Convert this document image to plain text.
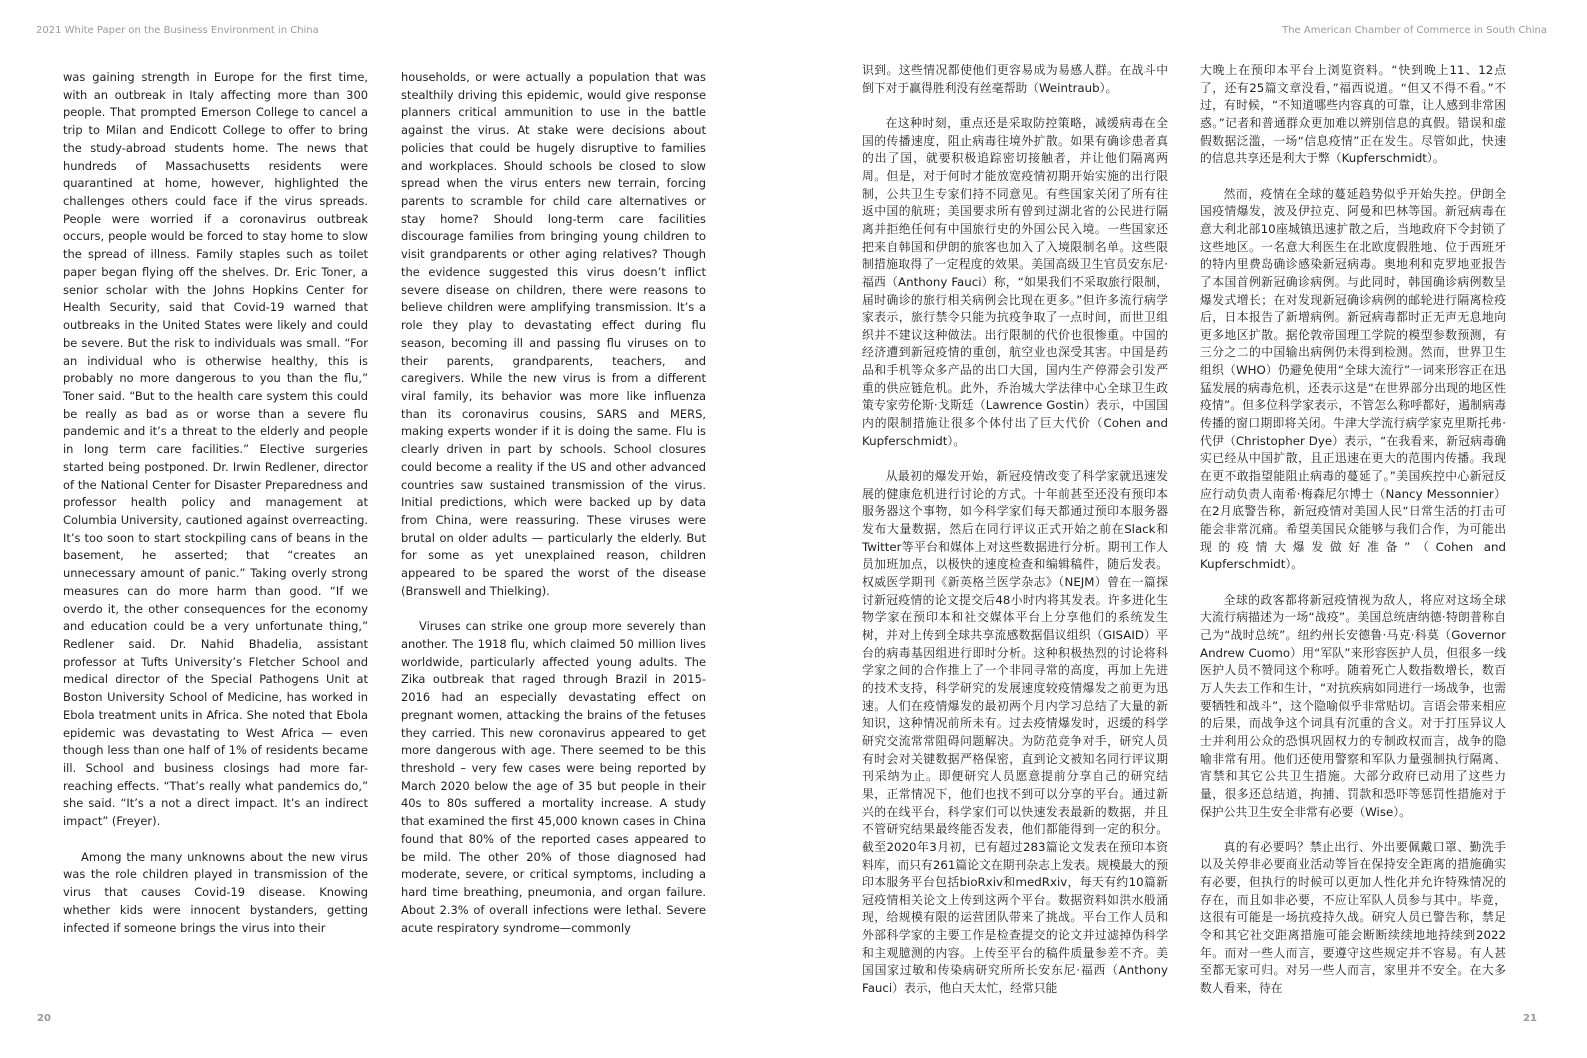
2021 White Paper on the Business Environment in China	The American Chamber of Commerce in South China

was gaining strength in Europe for the first time, with an outbreak in Italy affecting more than 300 people. That prompted Emerson College to cancel a trip to Milan and Endicott College to offer to bring the study-abroad students home. The news that hundreds of Massachusetts residents were quarantined at home, however, highlighted the challenges others could face if the virus spreads. People were worried if a coronavirus outbreak occurs, people would be forced to stay home to slow the spread of illness. Family staples such as toilet paper began flying off the shelves. Dr. Eric Toner, a senior scholar with the Johns Hopkins Center for Health Security, said that Covid-19 warned that outbreaks in the United States were likely and could be severe. But the risk to individuals was small. “For an individual who is otherwise healthy, this is probably no more dangerous to you than the flu,” Toner said. “But to the health care system this could be really as bad as or worse than a severe flu pandemic and it’s a threat to the elderly and people in long term care facilities.” Elective surgeries started being postponed. Dr. Irwin Redlener, director of the National Center for Disaster Preparedness and professor health policy and management at Columbia University, cautioned against overreacting. It’s too soon to start stockpiling cans of beans in the basement, he asserted; that “creates an unnecessary amount of panic.” Taking overly strong measures can do more harm than good. “If we overdo it, the other consequences for the economy and education could be a very unfortunate thing,” Redlener said. Dr. Nahid Bhadelia, assistant professor at Tufts University’s Fletcher School and medical director of the Special Pathogens Unit at Boston University School of Medicine, has worked in Ebola treatment units in Africa. She noted that Ebola epidemic was devastating to West Africa — even though less than one half of 1% of residents became ill. School and business closings had more far-reaching effects. “That’s really what pandemics do,” she said. “It’s a not a direct impact. It’s an indirect impact” (Freyer).

Among the many unknowns about the new virus was the role children played in transmission of the virus that causes Covid-19 disease. Knowing whether kids were innocent bystanders, getting infected if someone brings the virus into their

households, or were actually a population that was stealthily driving this epidemic, would give response planners critical ammunition to use in the battle against the virus. At stake were decisions about policies that could be hugely disruptive to families and workplaces. Should schools be closed to slow spread when the virus enters new terrain, forcing parents to scramble for child care alternatives or stay home? Should long-term care facilities discourage families from bringing young children to visit grandparents or other aging relatives? Though the evidence suggested this virus doesn’t inflict severe disease on children, there were reasons to believe children were amplifying transmission. It’s a role they play to devastating effect during flu season, becoming ill and passing flu viruses on to their parents, grandparents, teachers, and caregivers. While the new virus is from a different viral family, its behavior was more like influenza than its coronavirus cousins, SARS and MERS, making experts wonder if it is doing the same. Flu is clearly driven in part by schools. School closures could become a reality if the US and other advanced countries saw sustained transmission of the virus. Initial predictions, which were backed up by data from China, were reassuring. These viruses were brutal on older adults — particularly the elderly. But for some as yet unexplained reason, children appeared to be spared the worst of the disease (Branswell and Thielking).

Viruses can strike one group more severely than another. The 1918 flu, which claimed 50 million lives worldwide, particularly affected young adults. The Zika outbreak that raged through Brazil in 2015-2016 had an especially devastating effect on pregnant women, attacking the brains of the fetuses they carried. This new coronavirus appeared to get more dangerous with age. There seemed to be this threshold – very few cases were being reported by March 2020 below the age of 35 but people in their 40s to 80s suffered a mortality increase. A study that examined the first 45,000 known cases in China found that 80% of the reported cases appeared to be mild. The other 20% of those diagnosed had moderate, severe, or critical symptoms, including a hard time breathing, pneumonia, and organ failure. About 2.3% of overall infections were lethal. Severe acute respiratory syndrome—commonly

识到。这些情况都使他们更容易成为易感人群。在战斗中倒下对于赢得胜利没有丝毫帮助（Weintraub）。

在这种时刻，重点还是采取防控策略，减缓病毒在全国的传播速度，阻止病毒往境外扩散。如果有确诊患者真的出了国，就要积极追踪密切接触者，并让他们隔离两周。但是，对于何时才能放宽疫情初期开始实施的出行限制，公共卫生专家们持不同意见。有些国家关闭了所有往返中国的航班；美国要求所有曾到过湖北省的公民进行隔离并拒绝任何有中国旅行史的外国公民入境。一些国家还把来自韩国和伊朗的旅客也加入了入境限制名单。这些限制措施取得了一定程度的效果。美国高级卫生官员安东尼·福西（Anthony Fauci）称，“如果我们不采取旅行限制，届时确诊的旅行相关病例会比现在更多。”但许多流行病学家表示，旅行禁令只能为抗疫争取了一点时间，而世卫组织并不建议这种做法。出行限制的代价也很惨重。中国的经济遭到新冠疫情的重创，航空业也深受其害。中国是药品和手机等众多产品的出口大国，国内生产停滞会引发严重的供应链危机。此外，乔治城大学法律中心全球卫生政策专家劳伦斯·戈斯廷（Lawrence Gostin）表示，中国国内的限制措施让很多个体付出了巨大代价（Cohen and Kupferschmidt）。

从最初的爆发开始，新冠疫情改变了科学家就迅速发展的健康危机进行讨论的方式。十年前甚至还没有预印本服务器这个事物，如今科学家们每天都通过预印本服务器发布大量数据，然后在同行评议正式开始之前在Slack和Twitter等平台和媒体上对这些数据进行分析。期刊工作人员加班加点，以极快的速度检查和编辑稿件，随后发表。权威医学期刊《新英格兰医学杂志》（NEJM）曾在一篇探讨新冠疫情的论文提交后48小时内将其发表。许多进化生物学家在预印本和社交媒体平台上分享他们的系统发生树，并对上传到全球共享流感数据倡议组织（GISAID）平台的病毒基因组进行即时分析。这种积极热烈的讨论将科学家之间的合作推上了一个非同寻常的高度，再加上先进的技术支持，科学研究的发展速度较疫情爆发之前更为迅速。人们在疫情爆发的最初两个月内学习总结了大量的新知识，这种情况前所未有。过去疫情爆发时，迟缓的科学研究交流常常阻碍问题解决。为防范竞争对手，研究人员有时会对关键数据严格保密，直到论文被知名同行评议期刊采纳为止。即便研究人员愿意提前分享自己的研究结果，正常情况下，他们也找不到可以分享的平台。通过新兴的在线平台，科学家们可以快速发表最新的数据，并且不管研究结果最终能否发表，他们都能得到一定的积分。截至2020年3月初，已有超过283篇论文发表在预印本资料库，而只有261篇论文在期刊杂志上发表。规模最大的预印本服务平台包括bioRxiv和medRxiv，每天有约10篇新冠疫情相关论文上传到这两个平台。数据资料如洪水般涌现，给规模有限的运营团队带来了挑战。平台工作人员和外部科学家的主要工作是检查提交的论文并过滤掉伪科学和主观臆测的内容。上传至平台的稿件质量参差不齐。美国国家过敏和传染病研究所所长安东尼·福西（Anthony Fauci）表示，他白天太忙，经常只能

大晚上在预印本平台上浏览资料。“快到晚上11、12点了，还有25篇文章没看，”福西说道。“但又不得不看。”不过，有时候，“不知道哪些内容真的可靠，让人感到非常困惑。”记者和普通群众更加难以辨别信息的真假。错误和虚假数据泛滥，一场“信息疫情”正在发生。尽管如此，快速的信息共享还是利大于弊（Kupferschmidt）。

然而，疫情在全球的蔓延趋势似乎开始失控。伊朗全国疫情爆发，波及伊拉克、阿曼和巴林等国。新冠病毒在意大利北部10座城镇迅速扩散之后，当地政府下令封锁了这些地区。一名意大利医生在北欧度假胜地、位于西班牙的特内里费岛确诊感染新冠病毒。奥地利和克罗地亚报告了本国首例新冠确诊病例。与此同时，韩国确诊病例数呈爆发式增长；在对发现新冠确诊病例的邮轮进行隔离检疫后，日本报告了新增病例。新冠病毒都时正无声无息地向更多地区扩散。据伦敦帝国理工学院的模型参数预测，有三分之二的中国输出病例仍未得到检测。然而，世界卫生组织（WHO）仍避免使用“全球大流行”一词来形容正在迅猛发展的病毒危机，还表示这是“在世界部分出现的地区性疫情”。但多位科学家表示，不管怎么称呼都好，遏制病毒传播的窗口期即将关闭。牛津大学流行病学家克里斯托弗·代伊（Christopher Dye）表示，“在我看来，新冠病毒确实已经从中国扩散，且正迅速在更大的范围内传播。我现在更不敢指望能阻止病毒的蔓延了。”美国疾控中心新冠反应行动负责人南希·梅森尼尔博士（Nancy Messonnier）在2月底警告称，新冠疫情对美国人民“日常生活的打击可能会非常沉痛。希望美国民众能够与我们合作，为可能出现的疫情大爆发做好准备”（Cohen and Kupferschmidt）。

全球的政客都将新冠疫情视为敌人，将应对这场全球大流行病描述为一场“战疫”。美国总统唐纳德·特朗普称自己为“战时总统”。纽约州长安德鲁·马克·科莫（Governor Andrew Cuomo）用“军队”来形容医护人员，但很多一线医护人员不赞同这个称呼。随着死亡人数指数增长，数百万人失去工作和生计，“对抗疾病如同进行一场战争，也需要牺牲和战斗”，这个隐喻似乎非常贴切。言语会带来相应的后果，而战争这个词具有沉重的含义。对于打压异议人士并利用公众的恐惧巩固权力的专制政权而言，战争的隐喻非常有用。他们还使用警察和军队力量强制执行隔离、宵禁和其它公共卫生措施。大部分政府已动用了这些力量，很多还总结道，拘捕、罚款和恐吓等惩罚性措施对于保护公共卫生安全非常有必要（Wise）。

真的有必要吗？禁止出行、外出要佩戴口罩、勤洗手以及关停非必要商业活动等旨在保持安全距离的措施确实有必要，但执行的时候可以更加人性化并允许特殊情况的存在，而且如非必要，不应让军队人员参与其中。毕竟，这很有可能是一场抗疫持久战。研究人员已警告称，禁足令和其它社交距离措施可能会断断续续地地持续到2022年。而对一些人而言，要遵守这些规定并不容易。有人甚至都无家可归。对另一些人而言，家里并不安全。在大多数人看来，待在

20	21
